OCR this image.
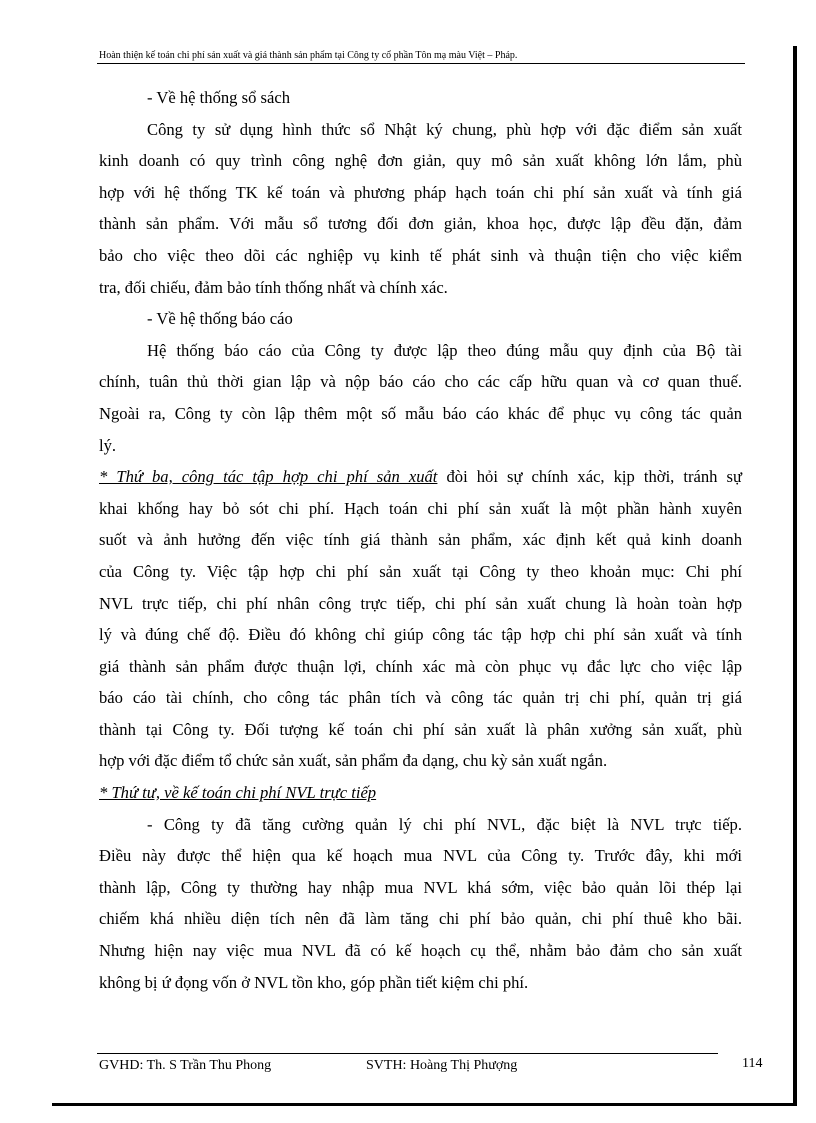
Hoàn thiện kế toán chi phí sản xuất và giá thành sản phẩm tại Công ty cổ phần Tôn mạ màu Việt – Pháp.
- Về hệ thống sổ sách
Công ty sử dụng hình thức sổ Nhật ký chung, phù hợp với đặc điểm sản xuất
kinh doanh có quy trình công nghệ đơn giản, quy mô sản xuất không lớn lắm, phù
hợp với hệ thống TK kế toán và phương pháp hạch toán chi phí sản xuất và tính giá
thành sản phẩm. Với mẫu sổ tương đối đơn giản, khoa học, được lập đều đặn, đảm
bảo cho việc theo dõi các nghiệp vụ kinh tế phát sinh và thuận tiện cho việc kiểm
tra, đối chiếu, đảm bảo tính thống nhất và chính xác.
- Về hệ thống báo cáo
Hệ thống báo cáo của Công ty được lập theo đúng mẫu quy định của Bộ tài
chính, tuân thủ thời gian lập và nộp báo cáo cho các cấp hữu quan và cơ quan thuế.
Ngoài ra, Công ty còn lập thêm một số mẫu báo cáo khác để phục vụ công tác quản
lý.
* Thứ ba, công tác tập hợp chi phí sản xuất đòi hỏi sự chính xác, kịp thời, tránh sự
khai khống hay bỏ sót chi phí. Hạch toán chi phí sản xuất là một phần hành xuyên
suốt và ảnh hưởng đến việc tính giá thành sản phẩm, xác định kết quả kinh doanh
của Công ty. Việc tập hợp chi phí sản xuất tại Công ty theo khoản mục: Chi phí
NVL trực tiếp, chi phí nhân công trực tiếp, chi phí sản xuất chung là hoàn toàn hợp
lý và đúng chế độ. Điều đó không chỉ giúp công tác tập hợp chi phí sản xuất và tính
giá thành sản phẩm được thuận lợi, chính xác mà còn phục vụ đắc lực cho việc lập
báo cáo tài chính, cho công tác phân tích và công tác quản trị chi phí, quản trị giá
thành tại Công ty. Đối tượng kế toán chi phí sản xuất là phân xưởng sản xuất, phù
hợp với đặc điểm tổ chức sản xuất, sản phẩm đa dạng, chu kỳ sản xuất ngắn.
* Thứ tư, về kế toán chi phí NVL trực tiếp
- Công ty đã tăng cường quản lý chi phí NVL, đặc biệt là NVL trực tiếp.
Điều này được thể hiện qua kế hoạch mua NVL của Công ty. Trước đây, khi mới
thành lập, Công ty thường hay nhập mua NVL khá sớm, việc bảo quản lõi thép lại
chiếm khá nhiều diện tích nên đã làm tăng chi phí bảo quản, chi phí thuê kho bãi.
Nhưng hiện nay việc mua NVL đã có kế hoạch cụ thể, nhằm bảo đảm cho sản xuất
không bị ứ đọng vốn ở NVL tồn kho, góp phần tiết kiệm chi phí.
GVHD: Th. S Trần Thu Phong	SVTH: Hoàng Thị Phượng	114
